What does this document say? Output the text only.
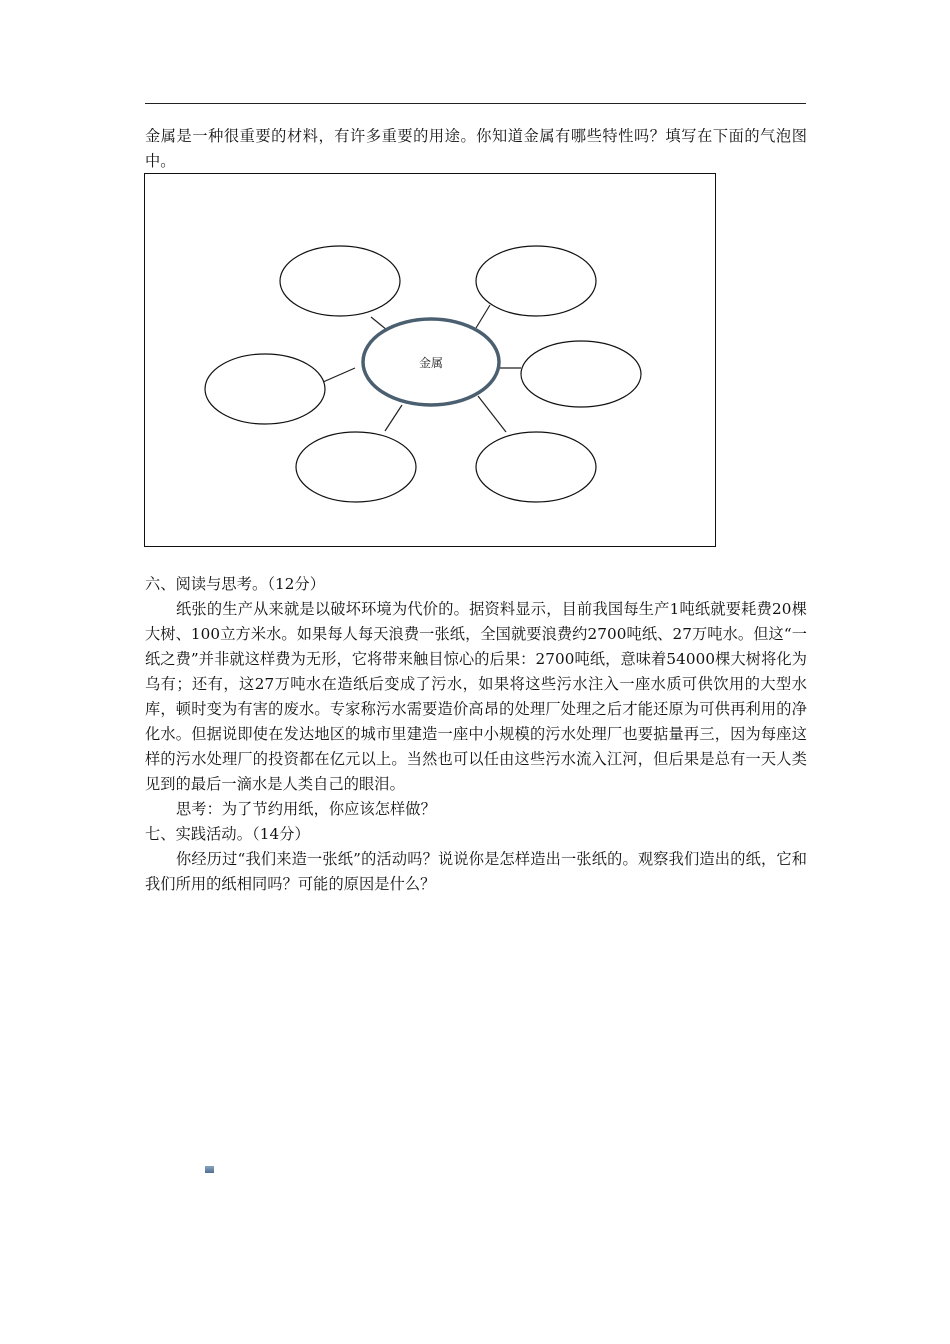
金属是一种很重要的材料，有许多重要的用途。你知道金属有哪些特性吗？填写在下面的气泡图中。

金属

六、阅读与思考。（12分）

纸张的生产从来就是以破坏环境为代价的。据资料显示，目前我国每生产1吨纸就要耗费20棵大树、100立方米水。如果每人每天浪费一张纸，全国就要浪费约2700吨纸、27万吨水。但这“一纸之费”并非就这样费为无形，它将带来触目惊心的后果：2700吨纸，意味着54000棵大树将化为乌有；还有，这27万吨水在造纸后变成了污水，如果将这些污水注入一座水质可供饮用的大型水库，顿时变为有害的废水。专家称污水需要造价高昂的处理厂处理之后才能还原为可供再利用的净化水。但据说即使在发达地区的城市里建造一座中小规模的污水处理厂也要掂量再三，因为每座这样的污水处理厂的投资都在亿元以上。当然也可以任由这些污水流入江河，但后果是总有一天人类见到的最后一滴水是人类自己的眼泪。

思考：为了节约用纸，你应该怎样做？

七、实践活动。（14分）

你经历过“我们来造一张纸”的活动吗？说说你是怎样造出一张纸的。观察我们造出的纸，它和我们所用的纸相同吗？可能的原因是什么？
